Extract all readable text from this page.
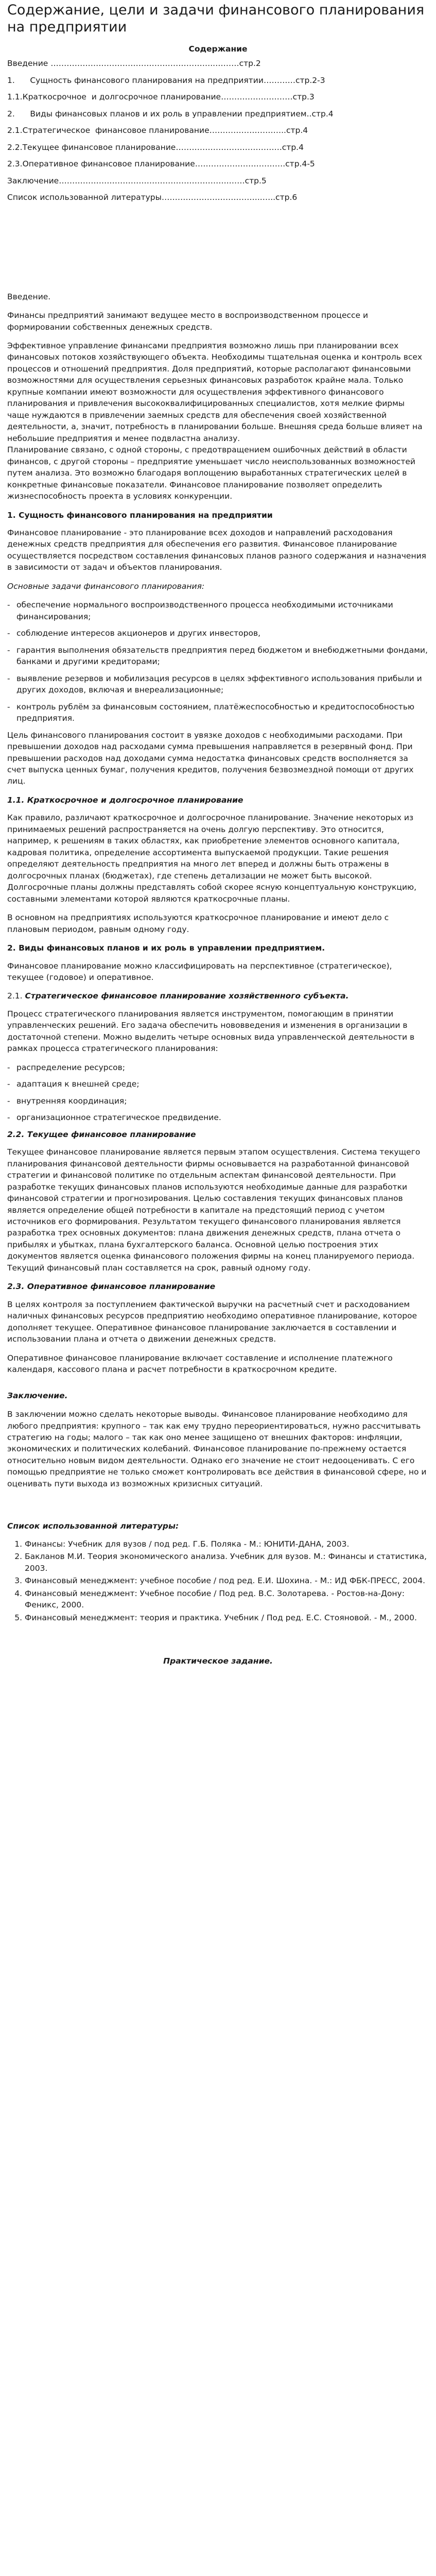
Содержание, цели и задачи финансового планирования на предприятии
Содержание
Введение ……………………………………………………..………стр.2
1.      Сущность финансового планирования на предприятии…………стр.2-3
1.1.Краткосрочное  и долгосрочное планирование………………………стр.3
2.      Виды финансовых планов и их роль в управлении предприятием..стр.4
2.1.Стратегическое  финансовое планирование………………………..стр.4
2.2.Текущее финансовое планирование………………………………….стр.4
2.3.Оперативное финансовое планирование…………………………….стр.4-5
Заключение……………………………………………………….……стр.5
Список использованной литературы………………………………..…..стр.6

Введение.

Финансы предприятий занимают ведущее место в воспроизводственном процессе и формировании собственных денежных средств.

Эффективное управление финансами предприятия возможно лишь при планировании всех финансовых потоков хозяйствующего объекта. Необходимы тщательная оценка и контроль всех процессов и отношений предприятия. Доля предприятий, которые располагают финансовыми возможностями для осуществления серьезных финансовых разработок крайне мала. Только крупные компании имеют возможности для осуществления эффективного финансового планирования и привлечения высококвалифицированных специалистов, хотя мелкие фирмы чаще нуждаются в привлечении заемных средств для обеспечения своей хозяйственной деятельности, а, значит, потребность в планировании больше. Внешняя среда больше влияет на небольшие предприятия и менее подвластна анализу.
Планирование связано, с одной стороны, с предотвращением ошибочных действий в области финансов, с другой стороны – предприятие уменьшает число неиспользованных возможностей путем анализа. Это возможно благодаря воплощению выработанных стратегических целей в конкретные финансовые показатели. Финансовое планирование позволяет определить жизнеспособность проекта в условиях конкуренции.
1. Сущность финансового планирования на предприятии

Финансовое планирование - это планирование всех доходов и направлений расходования денежных средств предприятия для обеспечения его развития. Финансовое планирование осуществляется посредством составления финансовых планов разного содержания и назначения в зависимости от задач и объектов планирования.

Основные задачи финансового планирования:

- обеспечение нормального воспроизводственного процесса необходимыми источниками финансирования;
- соблюдение интересов акционеров и других инвесторов,
- гарантия выполнения обязательств предприятия перед бюджетом и внебюджетными фондами, банками и другими кредиторами;
- выявление резервов и мобилизация ресурсов в целях эффективного использования прибыли и других доходов, включая и внереализационные;
- контроль рублём за финансовым состоянием, платёжеспособностью и кредитоспособностью предприятия.

Цель финансового планирования состоит в увязке доходов с необходимыми расходами. При превышении доходов над расходами сумма превышения направляется в резервный фонд. При превышении расходов над доходами сумма недостатка финансовых средств восполняется за счет выпуска ценных бумаг, получения кредитов, получения безвозмездной помощи от других лиц.

1.1. Краткосрочное и долгосрочное планирование

Как правило, различают краткосрочное и долгосрочное планирование. Значение некоторых из принимаемых решений распространяется на очень долгую перспективу. Это относится, например, к решениям в таких областях, как приобретение элементов основного капитала, кадровая политика, определение ассортимента выпускаемой продукции. Такие решения определяют деятельность предприятия на много лет вперед и должны быть отражены в долгосрочных планах (бюджетах), где степень детализации не может быть высокой. Долгосрочные планы должны представлять собой скорее ясную концептуальную конструкцию, составными элементами которой являются краткосрочные планы.

В основном на предприятиях используются краткосрочное планирование и имеют дело с плановым периодом, равным одному году.

2. Виды финансовых планов и их роль в управлении предприятием.

Финансовое планирование можно классифицировать на перспективное (стратегическое), текущее (годовое) и оперативное.

2.1. Стратегическое финансовое планирование хозяйственного субъекта.

Процесс стратегического планирования является инструментом, помогающим в принятии управленческих решений. Его задача обеспечить нововведения и изменения в организации в достаточной степени. Можно выделить четыре основных вида управленческой деятельности в рамках процесса стратегического планирования:

- распределение ресурсов;
- адаптация к внешней среде;
- внутренняя координация;
- организационное стратегическое предвидение.
2.2. Текущее финансовое планирование

Текущее финансовое планирование является первым этапом осуществления. Система текущего планирования финансовой деятельности фирмы основывается на разработанной финансовой стратегии и финансовой политике по отдельным аспектам финансовой деятельности. При разработке текущих финансовых планов используются необходимые данные для разработки финансовой стратегии и прогнозирования. Целью составления текущих финансовых планов является определение общей потребности в капитале на предстоящий период с учетом источников его формирования. Результатом текущего финансового планирования является разработка трех основных документов: плана движения денежных средств, плана отчета о прибылях и убытках, плана бухгалтерского баланса. Основной целью построения этих документов является оценка финансового положения фирмы на конец планируемого периода. Текущий финансовый план составляется на срок, равный одному году.

2.3. Оперативное финансовое планирование

В целях контроля за поступлением фактической выручки на расчетный счет и расходованием наличных финансовых ресурсов предприятию необходимо оперативное планирование, которое дополняет текущее. Оперативное финансовое планирование заключается в составлении и использовании плана и отчета о движении денежных средств.

Оперативное финансовое планирование включает составление и исполнение платежного календаря, кассового плана и расчет потребности в краткосрочном кредите.

Заключение.

В заключении можно сделать некоторые выводы. Финансовое планирование необходимо для любого предприятия: крупного – так как ему трудно переориентироваться, нужно рассчитывать стратегию на годы; малого – так как оно менее защищено от внешних факторов: инфляции, экономических и политических колебаний. Финансовое планирование по-прежнему остается относительно новым видом деятельности. Однако его значение не стоит недооценивать. С его помощью предприятие не только сможет контролировать все действия в финансовой сфере, но и оценивать пути выхода из возможных кризисных ситуаций.

Список использованной литературы:
1. Финансы: Учебник для вузов / под ред. Г.Б. Поляка - М.: ЮНИТИ-ДАНА, 2003.
2. Бакланов М.И. Теория экономического анализа. Учебник для вузов. М.: Финансы и статистика, 2003.
3. Финансовый менеджмент: учебное пособие / под ред. Е.И. Шохина. - М.: ИД ФБК-ПРЕСС, 2004.
4. Финансовый менеджмент: Учебное пособие / Под ред. В.С. Золотарева. - Ростов-на-Дону: Феникс, 2000.
5. Финансовый менеджмент: теория и практика. Учебник / Под ред. Е.С. Стояновой. - М., 2000.
Практическое задание.
